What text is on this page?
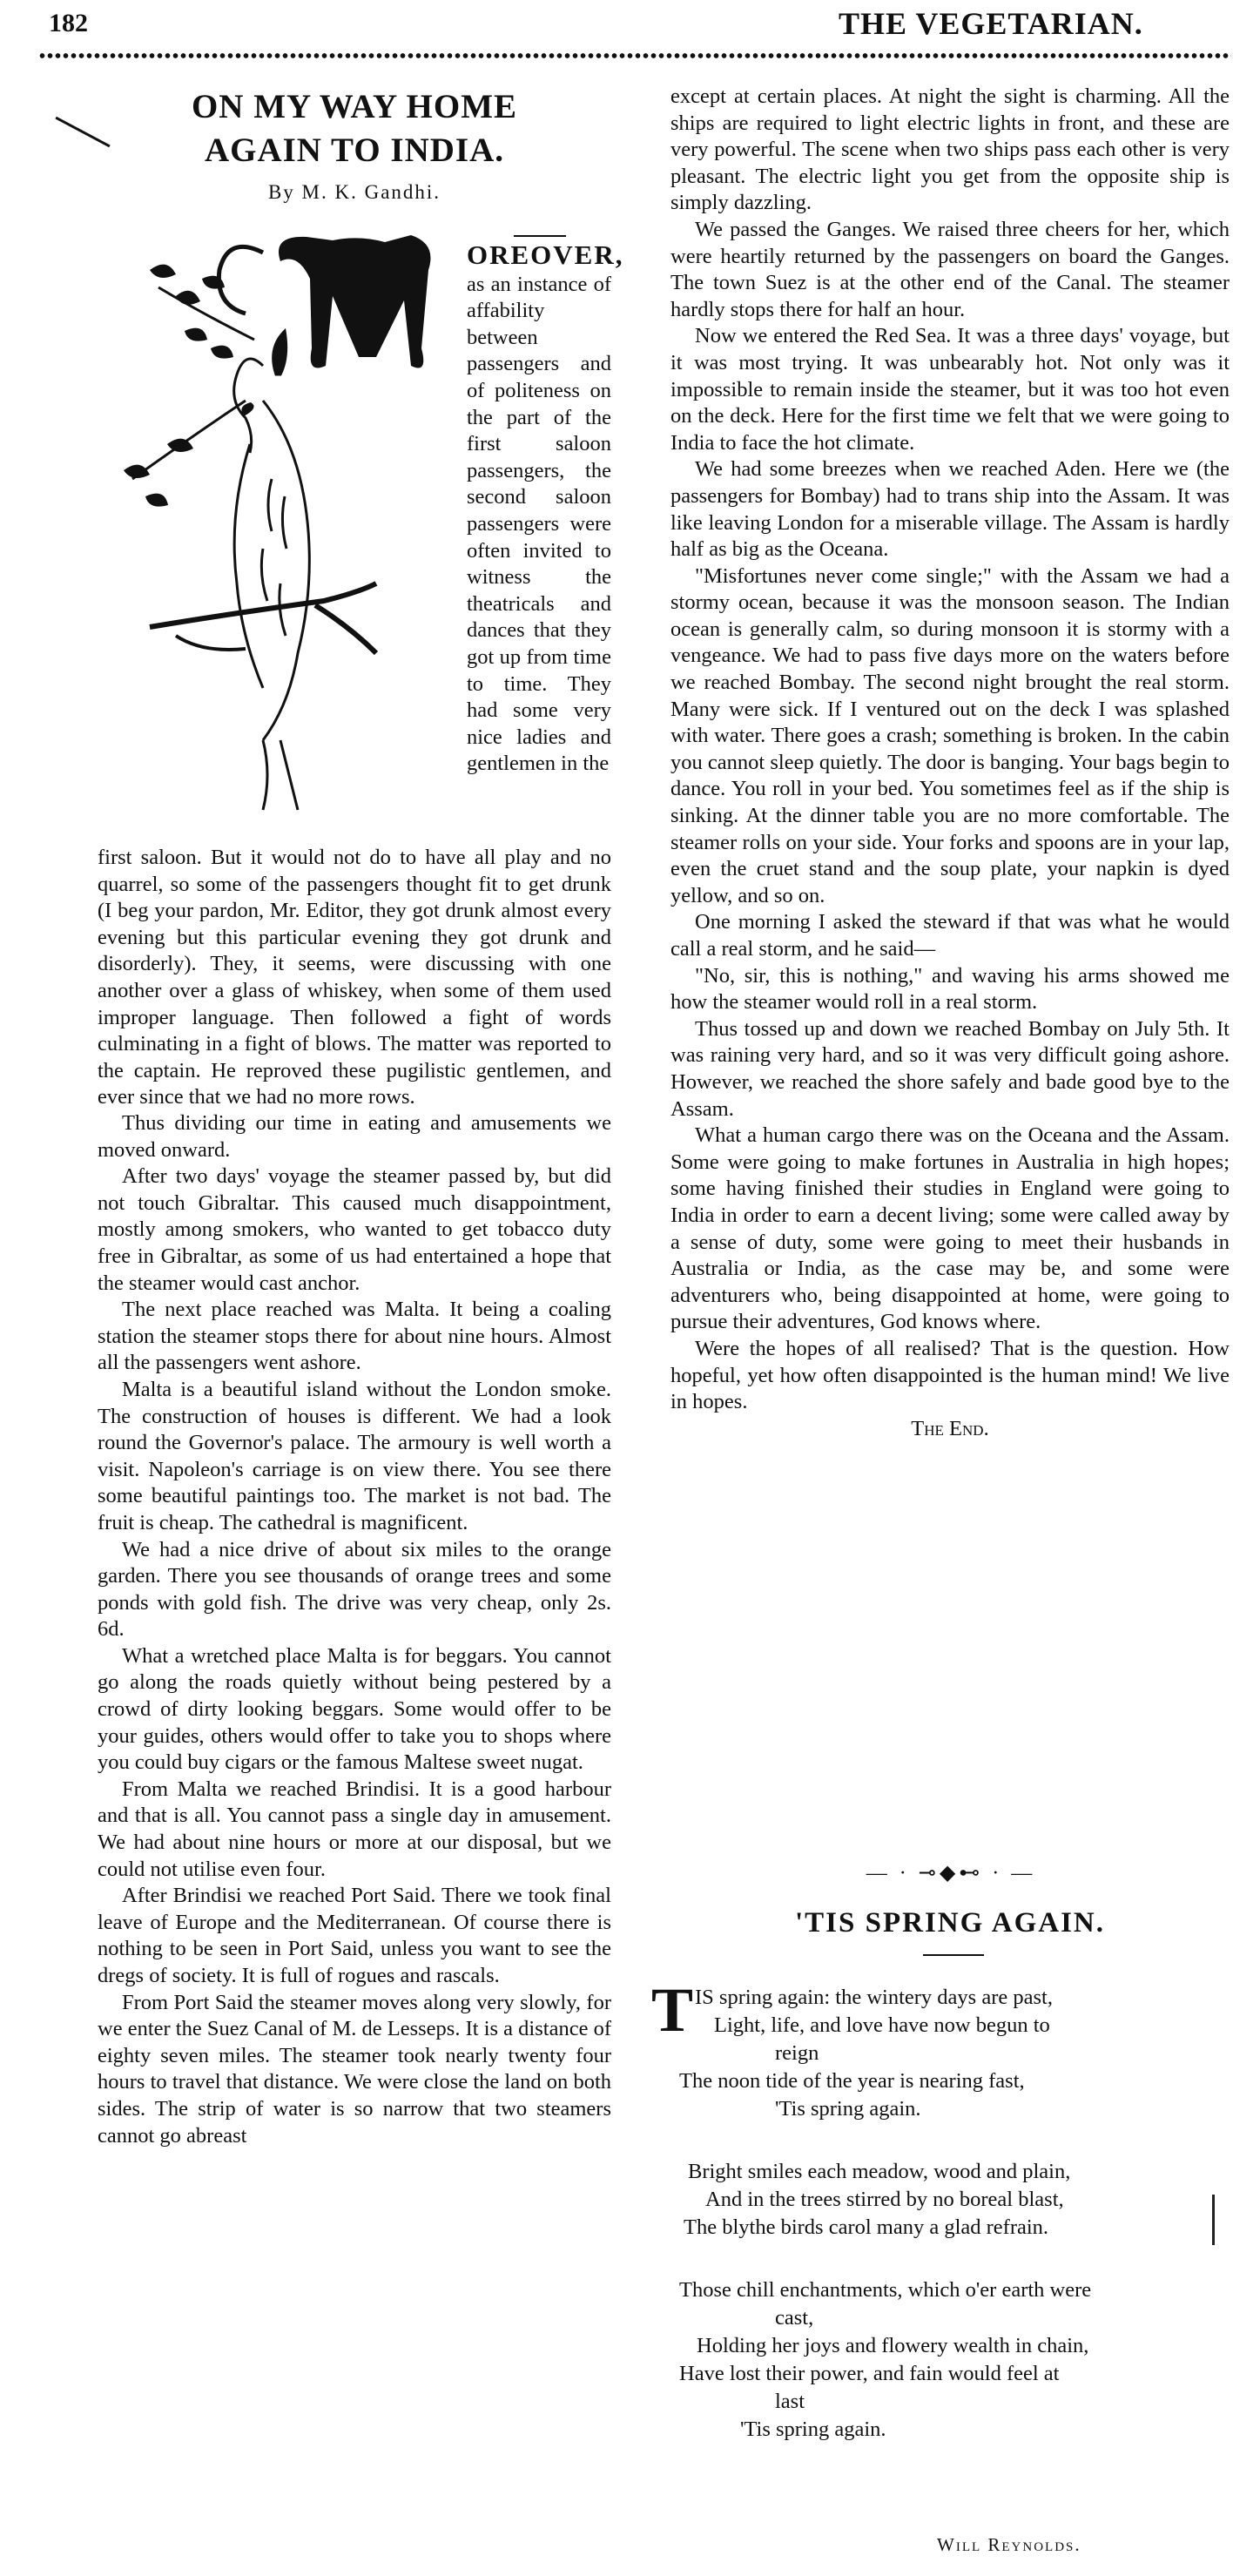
182	THE VEGETARIAN.
ON MY WAY HOME
AGAIN TO INDIA.
By M. K. Gandhi.
OREOVER, as an instance of affability between passengers and of politeness on the part of the first saloon passengers, the second saloon passengers were often invited to witness the theatricals and dances that they got up from time to time. They had some very nice ladies and gentlemen in the
first saloon. But it would not do to have all play and no quarrel, so some of the passengers thought fit to get drunk (I beg your pardon, Mr. Editor, they got drunk almost every evening but this particular evening they got drunk and disorderly). They, it seems, were discussing with one another over a glass of whiskey, when some of them used improper language. Then followed a fight of words culminating in a fight of blows. The matter was reported to the captain. He reproved these pugilistic gentlemen, and ever since that we had no more rows.

Thus dividing our time in eating and amusements we moved onward.

After two days' voyage the steamer passed by, but did not touch Gibraltar. This caused much disappointment, mostly among smokers, who wanted to get tobacco duty free in Gibraltar, as some of us had entertained a hope that the steamer would cast anchor.

The next place reached was Malta. It being a coaling station the steamer stops there for about nine hours. Almost all the passengers went ashore.

Malta is a beautiful island without the London smoke. The construction of houses is different. We had a look round the Governor's palace. The armoury is well worth a visit. Napoleon's carriage is on view there. You see there some beautiful paintings too. The market is not bad. The fruit is cheap. The cathedral is magnificent.

We had a nice drive of about six miles to the orange garden. There you see thousands of orange trees and some ponds with gold fish. The drive was very cheap, only 2s. 6d.

What a wretched place Malta is for beggars. You cannot go along the roads quietly without being pestered by a crowd of dirty looking beggars. Some would offer to be your guides, others would offer to take you to shops where you could buy cigars or the famous Maltese sweet nugat.

From Malta we reached Brindisi. It is a good harbour and that is all. You cannot pass a single day in amusement. We had about nine hours or more at our disposal, but we could not utilise even four.

After Brindisi we reached Port Said. There we took final leave of Europe and the Mediterranean. Of course there is nothing to be seen in Port Said, unless you want to see the dregs of society. It is full of rogues and rascals.

From Port Said the steamer moves along very slowly, for we enter the Suez Canal of M. de Lesseps. It is a distance of eighty seven miles. The steamer took nearly twenty four hours to travel that distance. We were close the land on both sides. The strip of water is so narrow that two steamers cannot go abreast

except at certain places. At night the sight is charming. All the ships are required to light electric lights in front, and these are very powerful. The scene when two ships pass each other is very pleasant. The electric light you get from the opposite ship is simply dazzling.

We passed the Ganges. We raised three cheers for her, which were heartily returned by the passengers on board the Ganges. The town Suez is at the other end of the Canal. The steamer hardly stops there for half an hour.

Now we entered the Red Sea. It was a three days' voyage, but it was most trying. It was unbearably hot. Not only was it impossible to remain inside the steamer, but it was too hot even on the deck. Here for the first time we felt that we were going to India to face the hot climate.

We had some breezes when we reached Aden. Here we (the passengers for Bombay) had to trans ship into the Assam. It was like leaving London for a miserable village. The Assam is hardly half as big as the Oceana.

"Misfortunes never come single;" with the Assam we had a stormy ocean, because it was the monsoon season. The Indian ocean is generally calm, so during monsoon it is stormy with a vengeance. We had to pass five days more on the waters before we reached Bombay. The second night brought the real storm. Many were sick. If I ventured out on the deck I was splashed with water. There goes a crash; something is broken. In the cabin you cannot sleep quietly. The door is banging. Your bags begin to dance. You roll in your bed. You sometimes feel as if the ship is sinking. At the dinner table you are no more comfortable. The steamer rolls on your side. Your forks and spoons are in your lap, even the cruet stand and the soup plate, your napkin is dyed yellow, and so on.

One morning I asked the steward if that was what he would call a real storm, and he said—

"No, sir, this is nothing," and waving his arms showed me how the steamer would roll in a real storm.

Thus tossed up and down we reached Bombay on July 5th. It was raining very hard, and so it was very difficult going ashore. However, we reached the shore safely and bade good bye to the Assam.

What a human cargo there was on the Oceana and the Assam. Some were going to make fortunes in Australia in high hopes; some having finished their studies in England were going to India in order to earn a decent living; some were called away by a sense of duty, some were going to meet their husbands in Australia or India, as the case may be, and some were adventurers who, being disappointed at home, were going to pursue their adventures, God knows where.

Were the hopes of all realised? That is the question. How hopeful, yet how often disappointed is the human mind! We live in hopes.

The End.
— · ⊸◆⊷ · —
'TIS SPRING AGAIN.
T IS spring again: the wintery days are past,
Light, life, and love have now begun to
reign
The noon tide of the year is nearing fast,
'Tis spring again.
Bright smiles each meadow, wood and plain,
And in the trees stirred by no boreal blast,
The blythe birds carol many a glad refrain.
Those chill enchantments, which o'er earth were
cast,
Holding her joys and flowery wealth in chain,
Have lost their power, and fain would feel at
last
'Tis spring again.
Will Reynolds.
